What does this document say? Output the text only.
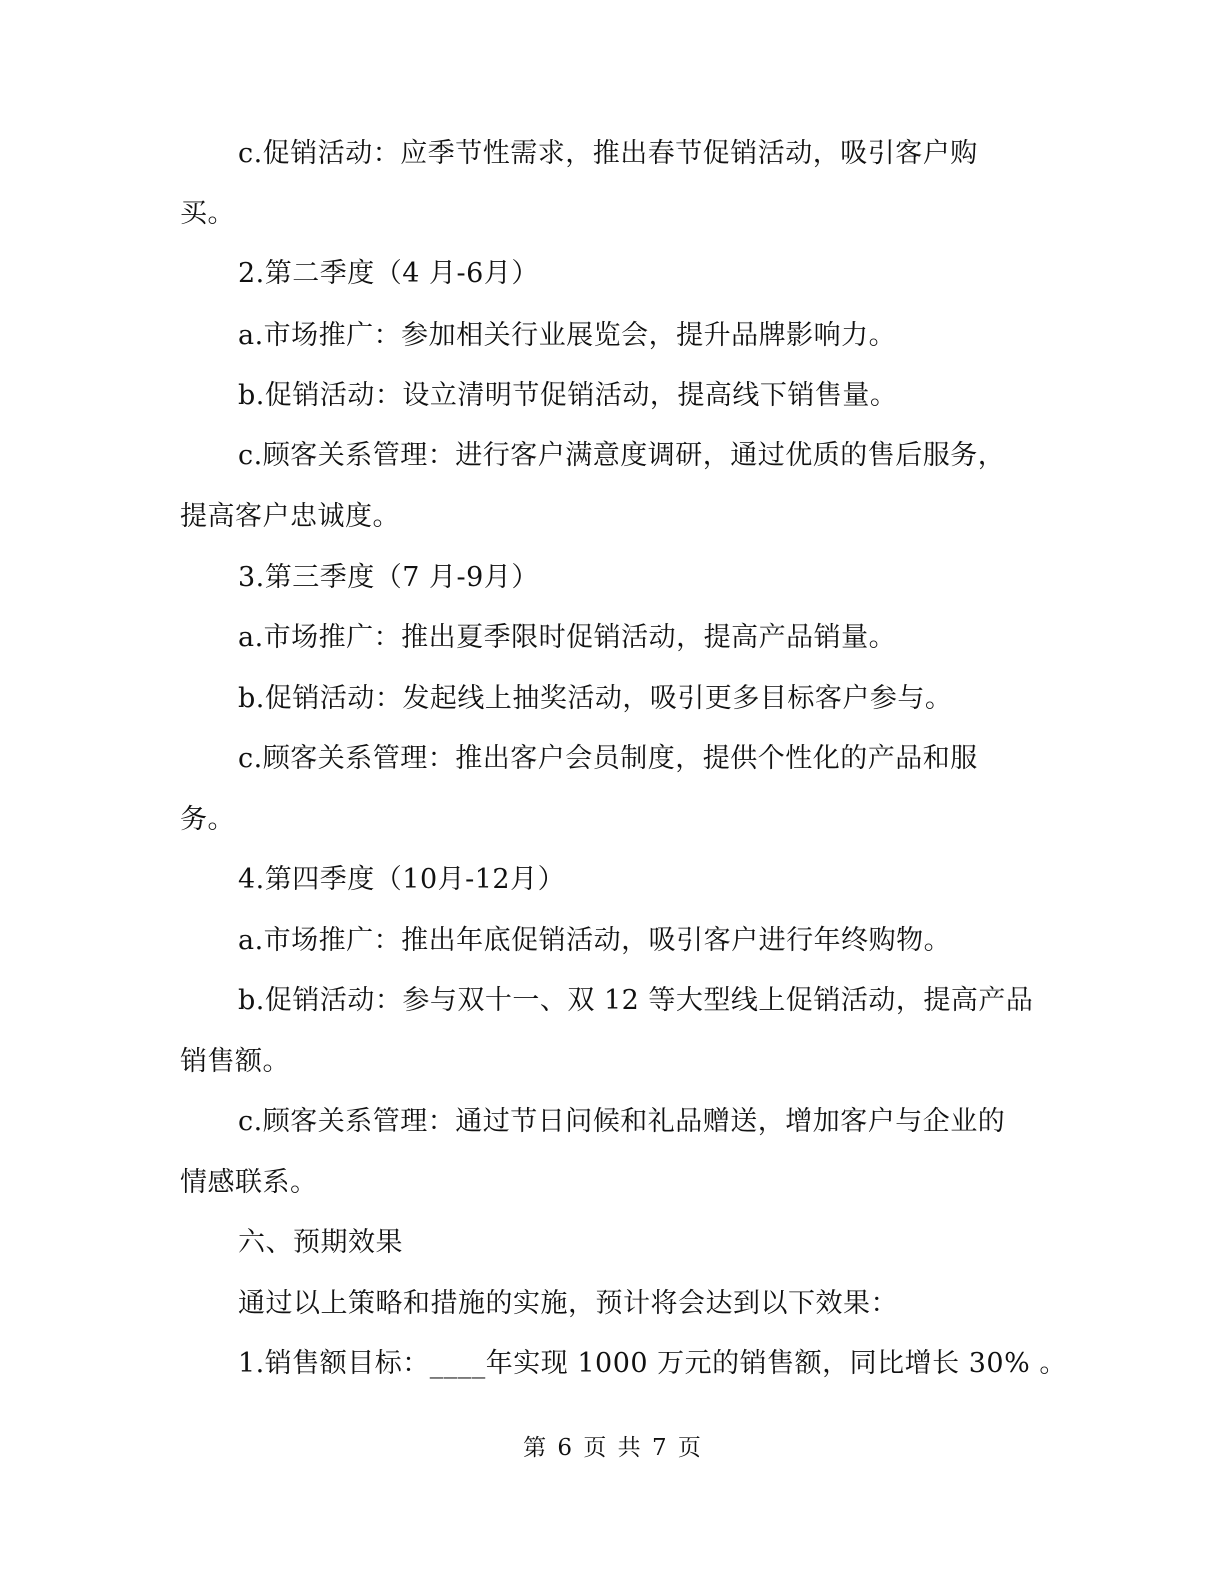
c.促销活动：应季节性需求，推出春节促销活动，吸引客户购
买。
2.第二季度（4 月-6月）
a.市场推广：参加相关行业展览会，提升品牌影响力。
b.促销活动：设立清明节促销活动，提高线下销售量。
c.顾客关系管理：进行客户满意度调研，通过优质的售后服务，
提高客户忠诚度。
3.第三季度（7 月-9月）
a.市场推广：推出夏季限时促销活动，提高产品销量。
b.促销活动：发起线上抽奖活动，吸引更多目标客户参与。
c.顾客关系管理：推出客户会员制度，提供个性化的产品和服
务。
4.第四季度（10月-12月）
a.市场推广：推出年底促销活动，吸引客户进行年终购物。
b.促销活动：参与双十一、双 12 等大型线上促销活动，提高产品
销售额。
c.顾客关系管理：通过节日问候和礼品赠送，增加客户与企业的
情感联系。
六、预期效果
通过以上策略和措施的实施，预计将会达到以下效果：
1.销售额目标：____年实现 1000 万元的销售额，同比增长 30% 。
第 6 页 共 7 页
